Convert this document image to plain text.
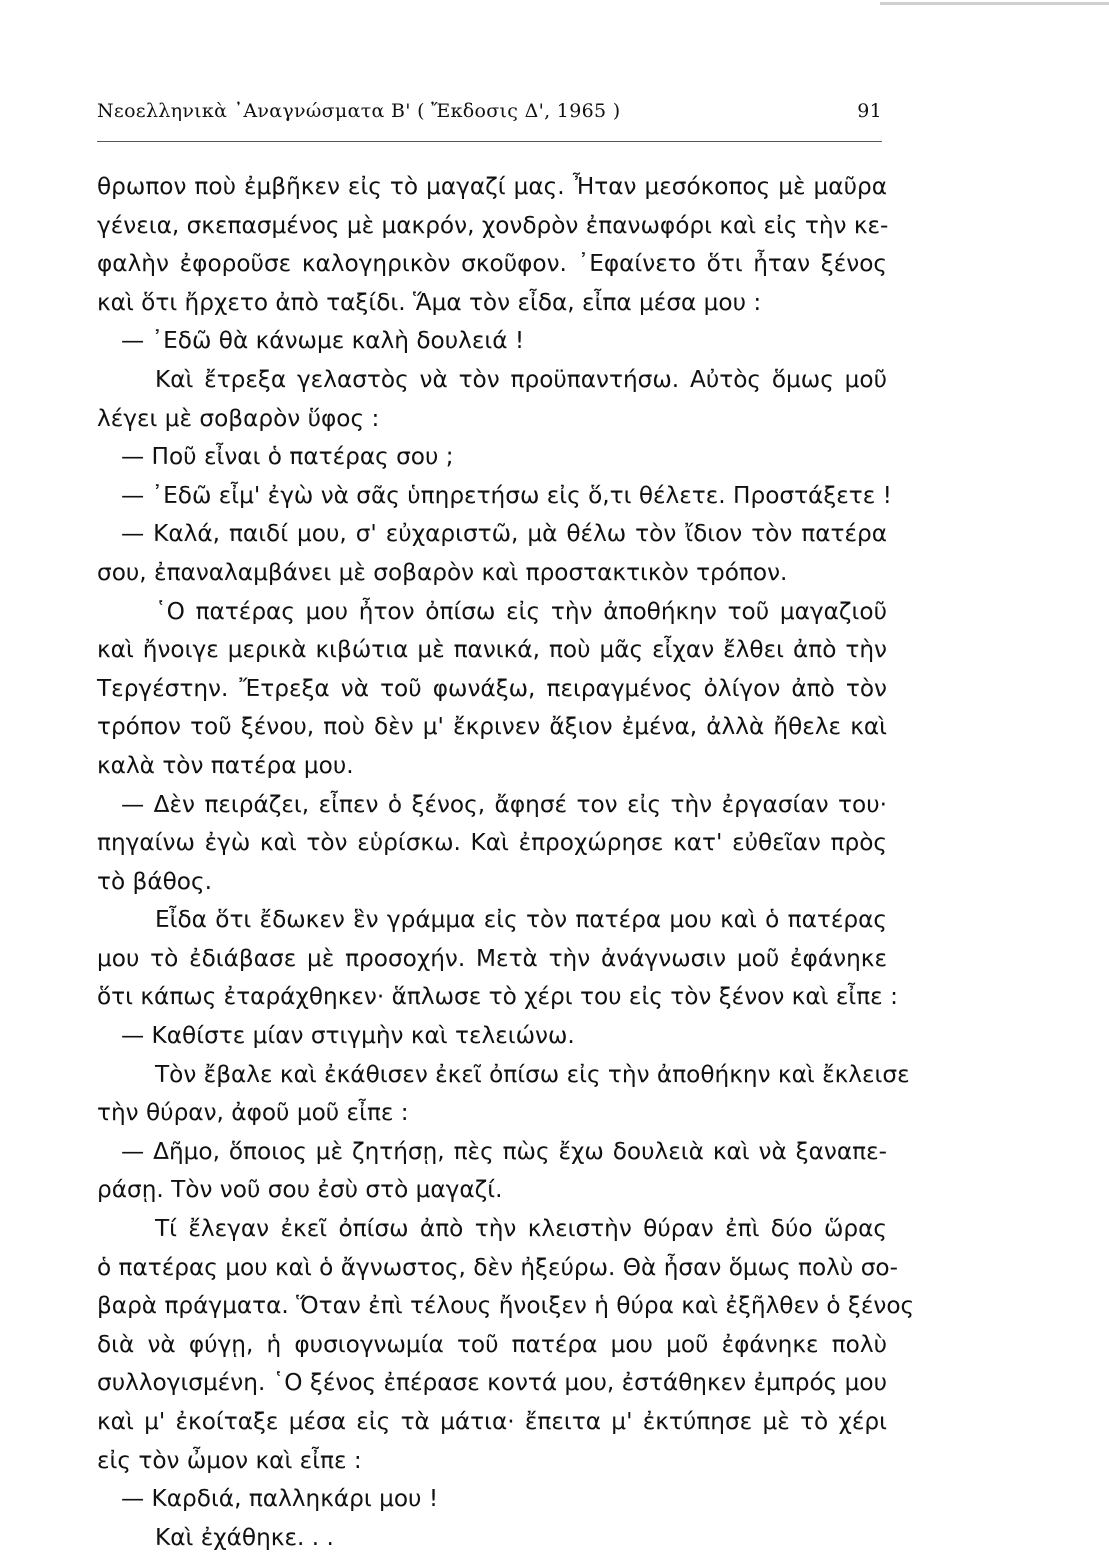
Νεοελληνικὰ ᾿Αναγνώσματα Β' ( Ἔκδοσις Δ', 1965 )	91
θρωπον ποὺ ἐμβῆκεν εἰς τὸ μαγαζί μας. Ἦταν μεσόκοπος μὲ μαῦρα
γένεια, σκεπασμένος μὲ μακρόν, χονδρὸν ἐπανωφόρι καὶ εἰς τὴν κε-
φαλὴν ἐφοροῦσε καλογηρικὸν σκοῦφον. ᾿Εφαίνετο ὅτι ἦταν ξένος
καὶ ὅτι ἤρχετο ἀπὸ ταξίδι. Ἅμα τὸν εἶδα, εἶπα μέσα μου :
— ᾿Εδῶ θὰ κάνωμε καλὴ δουλειά !
Καὶ ἔτρεξα γελαστὸς νὰ τὸν προϋπαντήσω. Αὐτὸς ὅμως μοῦ
λέγει μὲ σοβαρὸν ὕφος :
— Ποῦ εἶναι ὁ πατέρας σου ;
— ᾿Εδῶ εἶμ' ἐγὼ νὰ σᾶς ὑπηρετήσω εἰς ὅ,τι θέλετε. Προστάξετε !
— Καλά, παιδί μου, σ' εὐχαριστῶ, μὰ θέλω τὸν ἴδιον τὸν πατέρα
σου, ἐπαναλαμβάνει μὲ σοβαρὸν καὶ προστακτικὸν τρόπον.
῾Ο πατέρας μου ἦτον ὀπίσω εἰς τὴν ἀποθήκην τοῦ μαγαζιοῦ
καὶ ἤνοιγε μερικὰ κιβώτια μὲ πανικά, ποὺ μᾶς εἶχαν ἔλθει ἀπὸ τὴν
Τεργέστην. Ἔτρεξα νὰ τοῦ φωνάξω, πειραγμένος ὀλίγον ἀπὸ τὸν
τρόπον τοῦ ξένου, ποὺ δὲν μ' ἔκρινεν ἄξιον ἐμένα, ἀλλὰ ἤθελε καὶ
καλὰ τὸν πατέρα μου.
— Δὲν πειράζει, εἶπεν ὁ ξένος, ἄφησέ τον εἰς τὴν ἐργασίαν του·
πηγαίνω ἐγὼ καὶ τὸν εὑρίσκω. Καὶ ἐπροχώρησε κατ' εὐθεῖαν πρὸς
τὸ βάθος.
Εἶδα ὅτι ἔδωκεν ἓν γράμμα εἰς τὸν πατέρα μου καὶ ὁ πατέρας
μου τὸ ἐδιάβασε μὲ προσοχήν. Μετὰ τὴν ἀνάγνωσιν μοῦ ἐφάνηκε
ὅτι κάπως ἐταράχθηκεν· ἅπλωσε τὸ χέρι του εἰς τὸν ξένον καὶ εἶπε :
— Καθίστε μίαν στιγμὴν καὶ τελειώνω.
Τὸν ἔβαλε καὶ ἐκάθισεν ἐκεῖ ὀπίσω εἰς τὴν ἀποθήκην καὶ ἔκλεισε
τὴν θύραν, ἀφοῦ μοῦ εἶπε :
— Δῆμο, ὅποιος μὲ ζητήσῃ, πὲς πὼς ἔχω δουλειὰ καὶ νὰ ξαναπε-
ράσῃ. Τὸν νοῦ σου ἐσὺ στὸ μαγαζί.
Τί ἔλεγαν ἐκεῖ ὀπίσω ἀπὸ τὴν κλειστὴν θύραν ἐπὶ δύο ὥρας
ὁ πατέρας μου καὶ ὁ ἄγνωστος, δὲν ἠξεύρω. Θὰ ἦσαν ὅμως πολὺ σο-
βαρὰ πράγματα. Ὅταν ἐπὶ τέλους ἤνοιξεν ἡ θύρα καὶ ἐξῆλθεν ὁ ξένος
διὰ νὰ φύγῃ, ἡ φυσιογνωμία τοῦ πατέρα μου μοῦ ἐφάνηκε πολὺ
συλλογισμένη. ῾Ο ξένος ἐπέρασε κοντά μου, ἐστάθηκεν ἐμπρός μου
καὶ μ' ἐκοίταξε μέσα εἰς τὰ μάτια· ἔπειτα μ' ἐκτύπησε μὲ τὸ χέρι
εἰς τὸν ὦμον καὶ εἶπε :
— Καρδιά, παλληκάρι μου !
Καὶ ἐχάθηκε. . .
